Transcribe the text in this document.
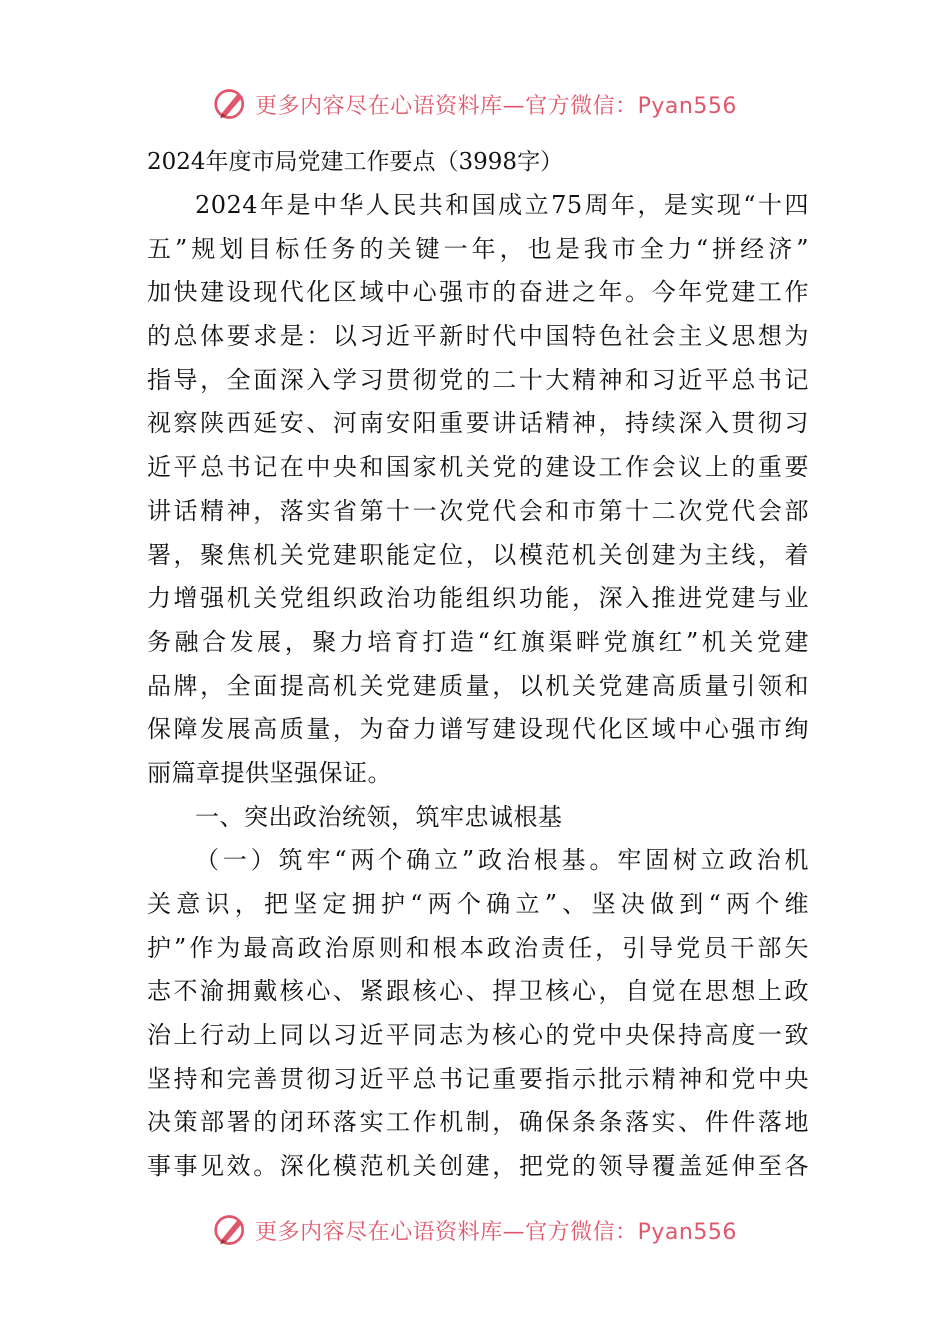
更多内容尽在心语资料库—官方微信：Pyan556

2024年度市局党建工作要点（3998字）

2024年是中华人民共和国成立75周年，是实现“十四

五”规划目标任务的关键一年，也是我市全力“拼经济”

加快建设现代化区域中心强市的奋进之年。今年党建工作

的总体要求是：以习近平新时代中国特色社会主义思想为

指导，全面深入学习贯彻党的二十大精神和习近平总书记

视察陕西延安、河南安阳重要讲话精神，持续深入贯彻习

近平总书记在中央和国家机关党的建设工作会议上的重要

讲话精神，落实省第十一次党代会和市第十二次党代会部

署，聚焦机关党建职能定位，以模范机关创建为主线，着

力增强机关党组织政治功能组织功能，深入推进党建与业

务融合发展，聚力培育打造“红旗渠畔党旗红”机关党建

品牌，全面提高机关党建质量，以机关党建高质量引领和

保障发展高质量，为奋力谱写建设现代化区域中心强市绚

丽篇章提供坚强保证。

一、突出政治统领，筑牢忠诚根基

（一）筑牢“两个确立”政治根基。牢固树立政治机

关意识，把坚定拥护“两个确立”、坚决做到“两个维

护”作为最高政治原则和根本政治责任，引导党员干部矢

志不渝拥戴核心、紧跟核心、捍卫核心，自觉在思想上政

治上行动上同以习近平同志为核心的党中央保持高度一致

坚持和完善贯彻习近平总书记重要指示批示精神和党中央

决策部署的闭环落实工作机制，确保条条落实、件件落地

事事见效。深化模范机关创建，把党的领导覆盖延伸至各

更多内容尽在心语资料库—官方微信：Pyan556
